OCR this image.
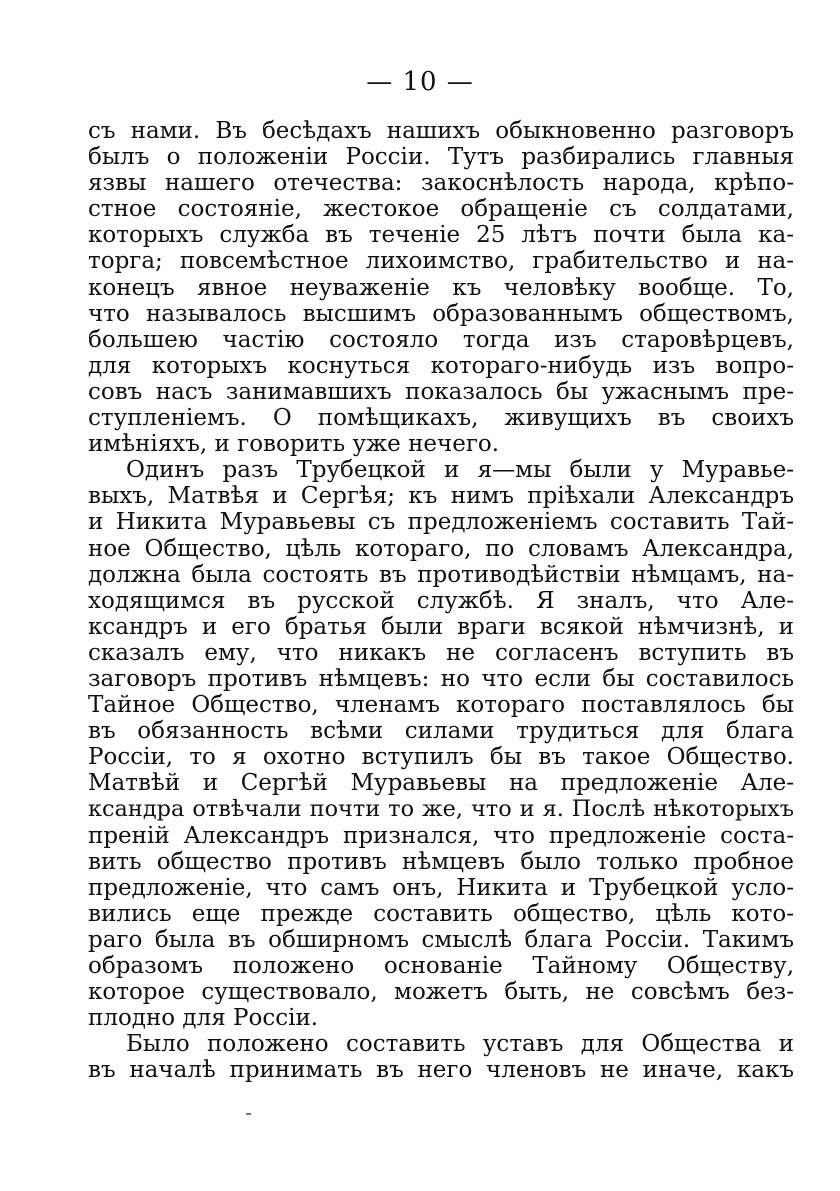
— 10 —
съ нами. Въ бесѣдахъ нашихъ обыкновенно разговоръ
былъ о положеніи Россіи. Тутъ разбирались главныя
язвы нашего отечества: закоснѣлость народа, крѣпо-
стное состояніе, жестокое обращеніе съ солдатами,
которыхъ служба въ теченіе 25 лѣтъ почти была ка-
торга; повсемѣстное лихоимство, грабительство и на-
конецъ явное неуваженіе къ человѣку вообще. То,
что называлось высшимъ образованнымъ обществомъ,
большею частію состояло тогда изъ старовѣрцевъ,
для которыхъ коснуться котораго-нибудь изъ вопро-
совъ насъ занимавшихъ показалось бы ужаснымъ пре-
ступленіемъ. О помѣщикахъ, живущихъ въ своихъ
имѣніяхъ, и говорить уже нечего.
Одинъ разъ Трубецкой и я—мы были у Муравье-
выхъ, Матвѣя и Сергѣя; къ нимъ пріѣхали Александръ
и Никита Муравьевы съ предложеніемъ составить Тай-
ное Общество, цѣль котораго, по словамъ Александра,
должна была состоять въ противодѣйствіи нѣмцамъ, на-
ходящимся въ русской службѣ. Я зналъ, что Але-
ксандръ и его братья были враги всякой нѣмчизнѣ, и
сказалъ ему, что никакъ не согласенъ вступить въ
заговоръ противъ нѣмцевъ: но что если бы составилось
Тайное Общество, членамъ котораго поставлялось бы
въ обязанность всѣми силами трудиться для блага
Россіи, то я охотно вступилъ бы въ такое Общество.
Матвѣй и Сергѣй Муравьевы на предложеніе Але-
ксандра отвѣчали почти то же, что и я. Послѣ нѣкоторыхъ
преній Александръ признался, что предложеніе соста-
вить общество противъ нѣмцевъ было только пробное
предложеніе, что самъ онъ, Никита и Трубецкой усло-
вились еще прежде составить общество, цѣль кото-
раго была въ обширномъ смыслѣ блага Россіи. Такимъ
образомъ положено основаніе Тайному Обществу,
которое существовало, можетъ быть, не совсѣмъ без-
плодно для Россіи.
Было положено составить уставъ для Общества и
въ началѣ принимать въ него членовъ не иначе, какъ
